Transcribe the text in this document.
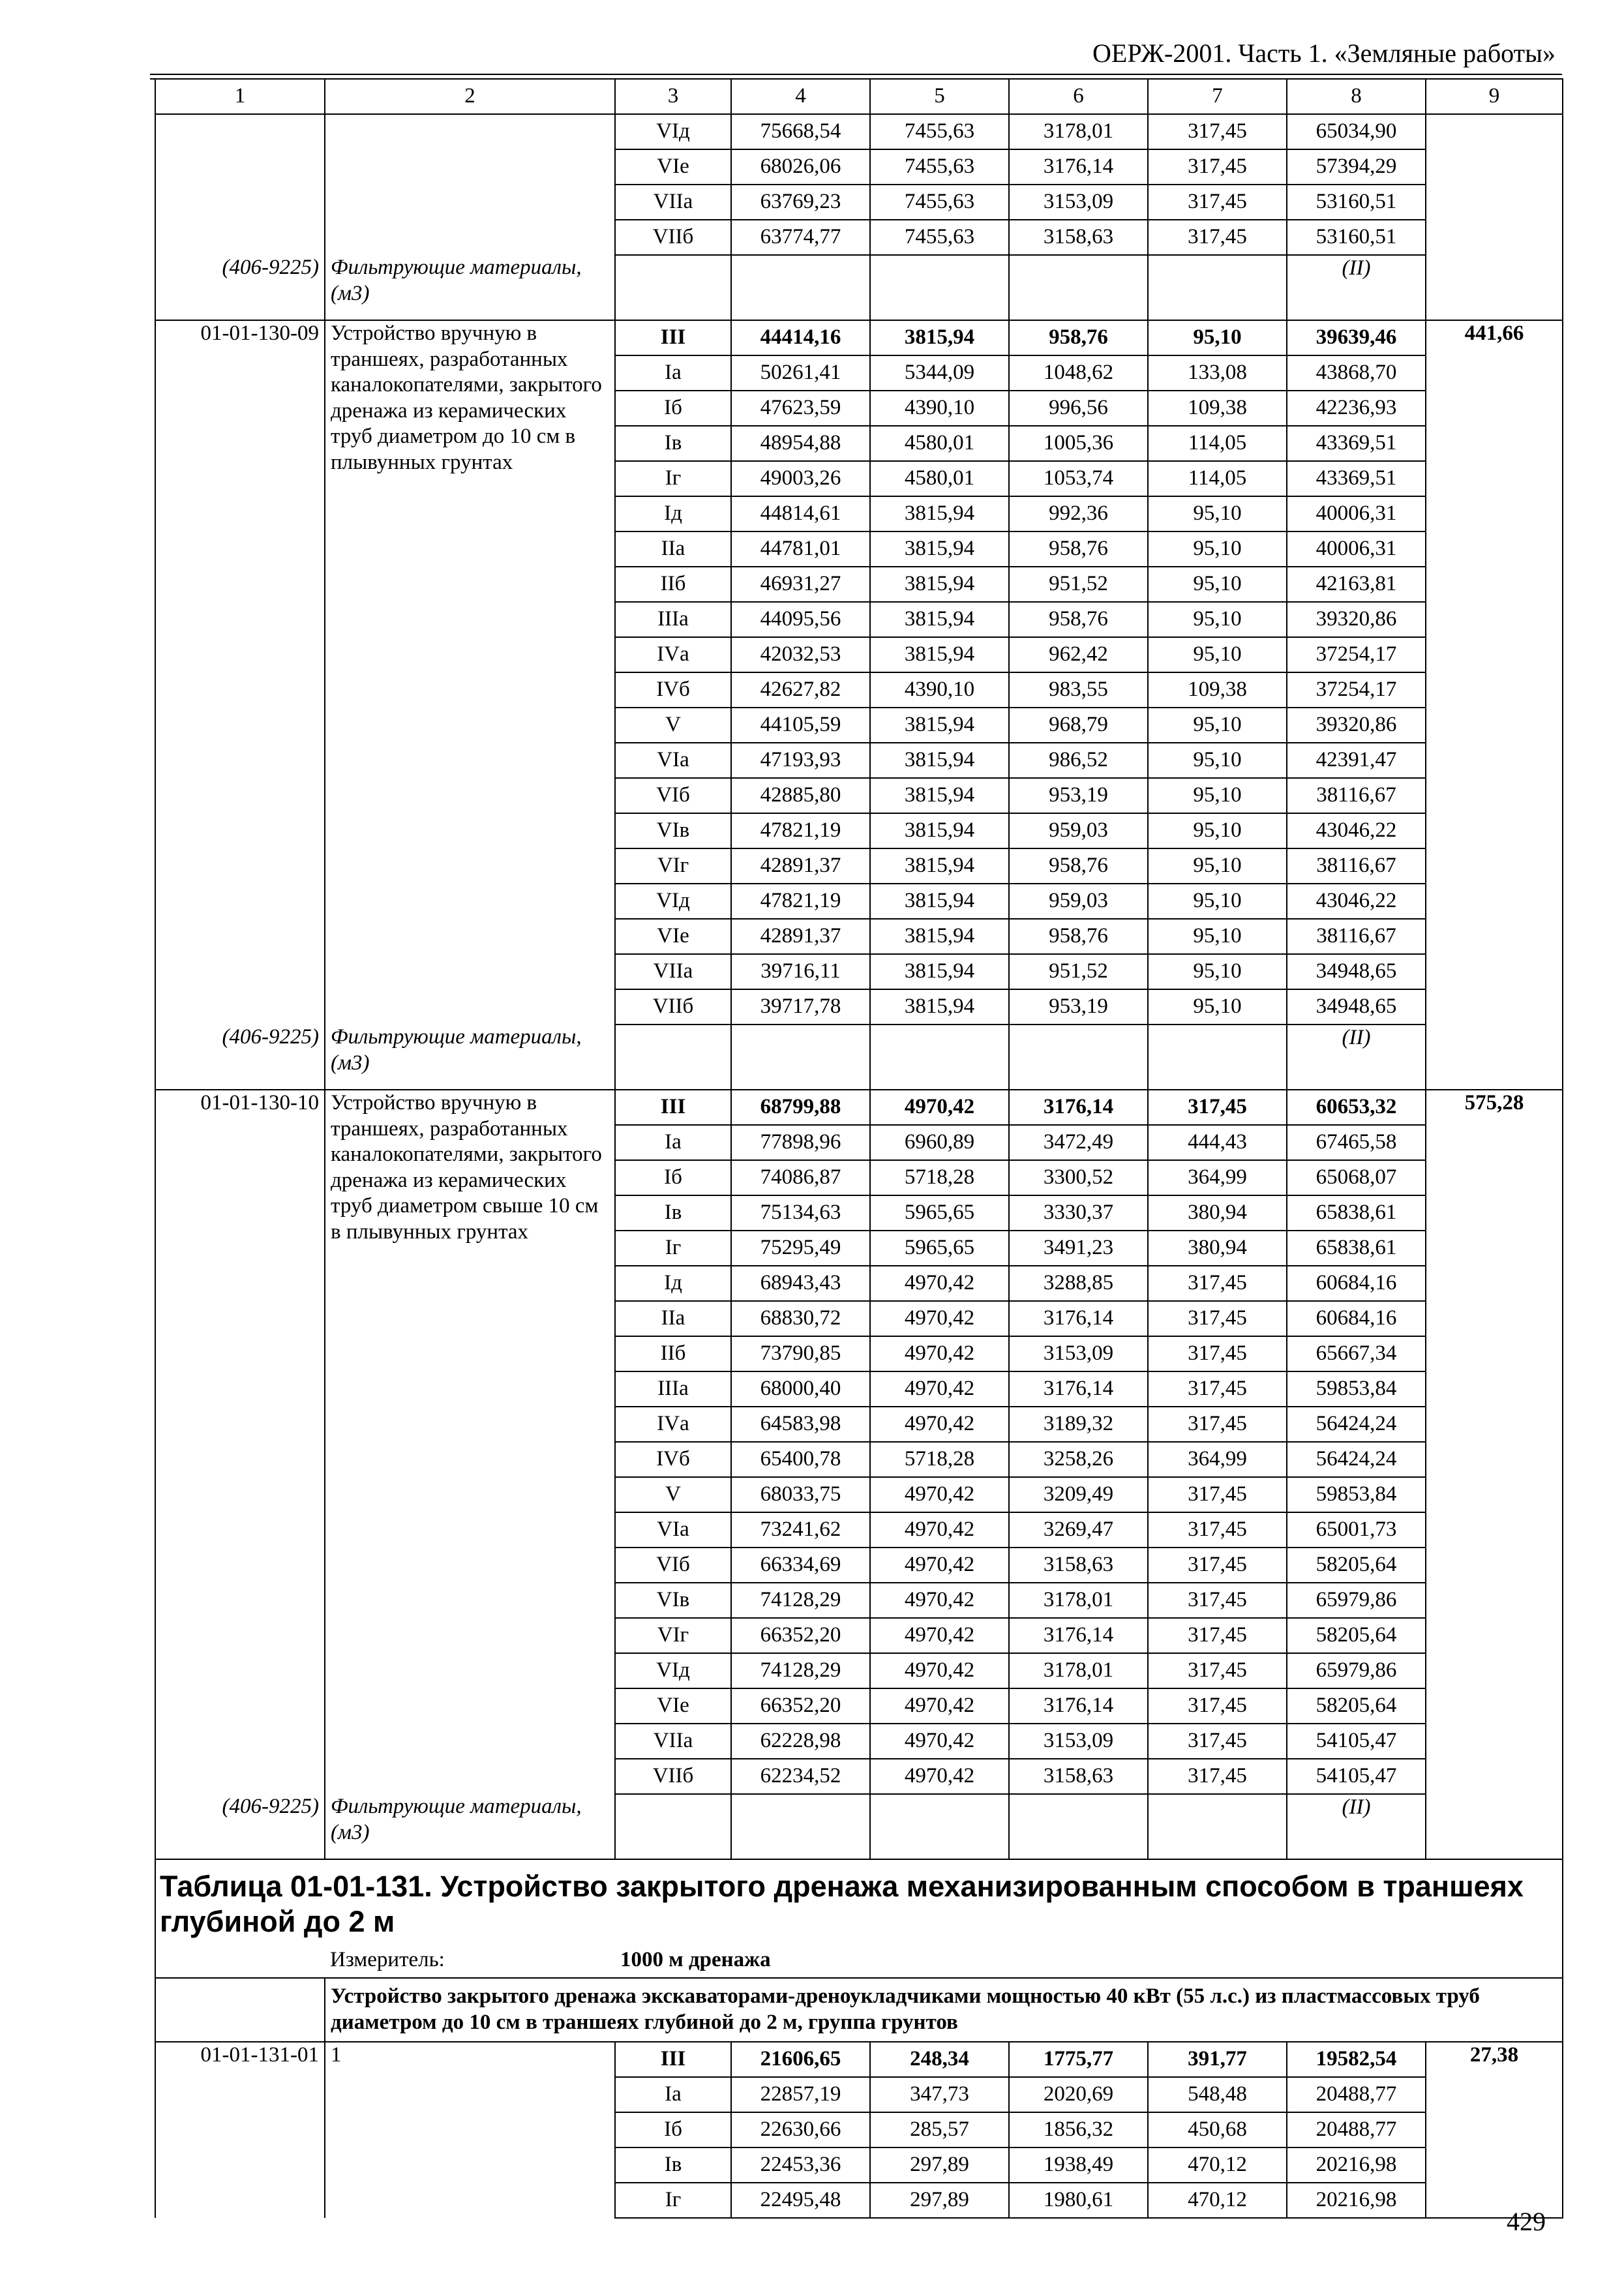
ОЕРЖ-2001. Часть 1. «Земляные работы»
1	2	3	4	5	6	7	8	9
		VIд	75668,54	7455,63	3178,01	317,45	65034,90	
		VIе	68026,06	7455,63	3176,14	317,45	57394,29	
		VIIа	63769,23	7455,63	3153,09	317,45	53160,51	
		VIIб	63774,77	7455,63	3158,63	317,45	53160,51	
(406-9225)	Фильтрующие материалы, (м3)						(II)	
01-01-130-09	Устройство вручную в траншеях, разработанных каналокопателями, закрытого дренажа из керамических труб диаметром до 10 см в плывунных грунтах	III	44414,16	3815,94	958,76	95,10	39639,46	441,66
		Iа	50261,41	5344,09	1048,62	133,08	43868,70	
		Iб	47623,59	4390,10	996,56	109,38	42236,93	
		Iв	48954,88	4580,01	1005,36	114,05	43369,51	
		Iг	49003,26	4580,01	1053,74	114,05	43369,51	
		Iд	44814,61	3815,94	992,36	95,10	40006,31	
		IIа	44781,01	3815,94	958,76	95,10	40006,31	
		IIб	46931,27	3815,94	951,52	95,10	42163,81	
		IIIа	44095,56	3815,94	958,76	95,10	39320,86	
		IVа	42032,53	3815,94	962,42	95,10	37254,17	
		IVб	42627,82	4390,10	983,55	109,38	37254,17	
		V	44105,59	3815,94	968,79	95,10	39320,86	
		VIа	47193,93	3815,94	986,52	95,10	42391,47	
		VIб	42885,80	3815,94	953,19	95,10	38116,67	
		VIв	47821,19	3815,94	959,03	95,10	43046,22	
		VIг	42891,37	3815,94	958,76	95,10	38116,67	
		VIд	47821,19	3815,94	959,03	95,10	43046,22	
		VIе	42891,37	3815,94	958,76	95,10	38116,67	
		VIIа	39716,11	3815,94	951,52	95,10	34948,65	
		VIIб	39717,78	3815,94	953,19	95,10	34948,65	
(406-9225)	Фильтрующие материалы, (м3)						(II)	
01-01-130-10	Устройство вручную в траншеях, разработанных каналокопателями, закрытого дренажа из керамических труб диаметром свыше 10 см в плывунных грунтах	III	68799,88	4970,42	3176,14	317,45	60653,32	575,28
		Iа	77898,96	6960,89	3472,49	444,43	67465,58	
		Iб	74086,87	5718,28	3300,52	364,99	65068,07	
		Iв	75134,63	5965,65	3330,37	380,94	65838,61	
		Iг	75295,49	5965,65	3491,23	380,94	65838,61	
		Iд	68943,43	4970,42	3288,85	317,45	60684,16	
		IIа	68830,72	4970,42	3176,14	317,45	60684,16	
		IIб	73790,85	4970,42	3153,09	317,45	65667,34	
		IIIа	68000,40	4970,42	3176,14	317,45	59853,84	
		IVа	64583,98	4970,42	3189,32	317,45	56424,24	
		IVб	65400,78	5718,28	3258,26	364,99	56424,24	
		V	68033,75	4970,42	3209,49	317,45	59853,84	
		VIа	73241,62	4970,42	3269,47	317,45	65001,73	
		VIб	66334,69	4970,42	3158,63	317,45	58205,64	
		VIв	74128,29	4970,42	3178,01	317,45	65979,86	
		VIг	66352,20	4970,42	3176,14	317,45	58205,64	
		VIд	74128,29	4970,42	3178,01	317,45	65979,86	
		VIе	66352,20	4970,42	3176,14	317,45	58205,64	
		VIIа	62228,98	4970,42	3153,09	317,45	54105,47	
		VIIб	62234,52	4970,42	3158,63	317,45	54105,47	
(406-9225)	Фильтрующие материалы, (м3)						(II)	
Таблица 01-01-131. Устройство закрытого дренажа механизированным способом в траншеях глубиной до 2 м								
	Измеритель:	1000 м дренажа						
	Устройство закрытого дренажа экскаваторами-дреноукладчиками мощностью 40 кВт (55 л.с.) из пластмассовых труб диаметром до 10 см в траншеях глубиной до 2 м, группа грунтов							
01-01-131-01	1	III	21606,65	248,34	1775,77	391,77	19582,54	27,38
		Iа	22857,19	347,73	2020,69	548,48	20488,77	
		Iб	22630,66	285,57	1856,32	450,68	20488,77	
		Iв	22453,36	297,89	1938,49	470,12	20216,98	
		Iг	22495,48	297,89	1980,61	470,12	20216,98	
429
